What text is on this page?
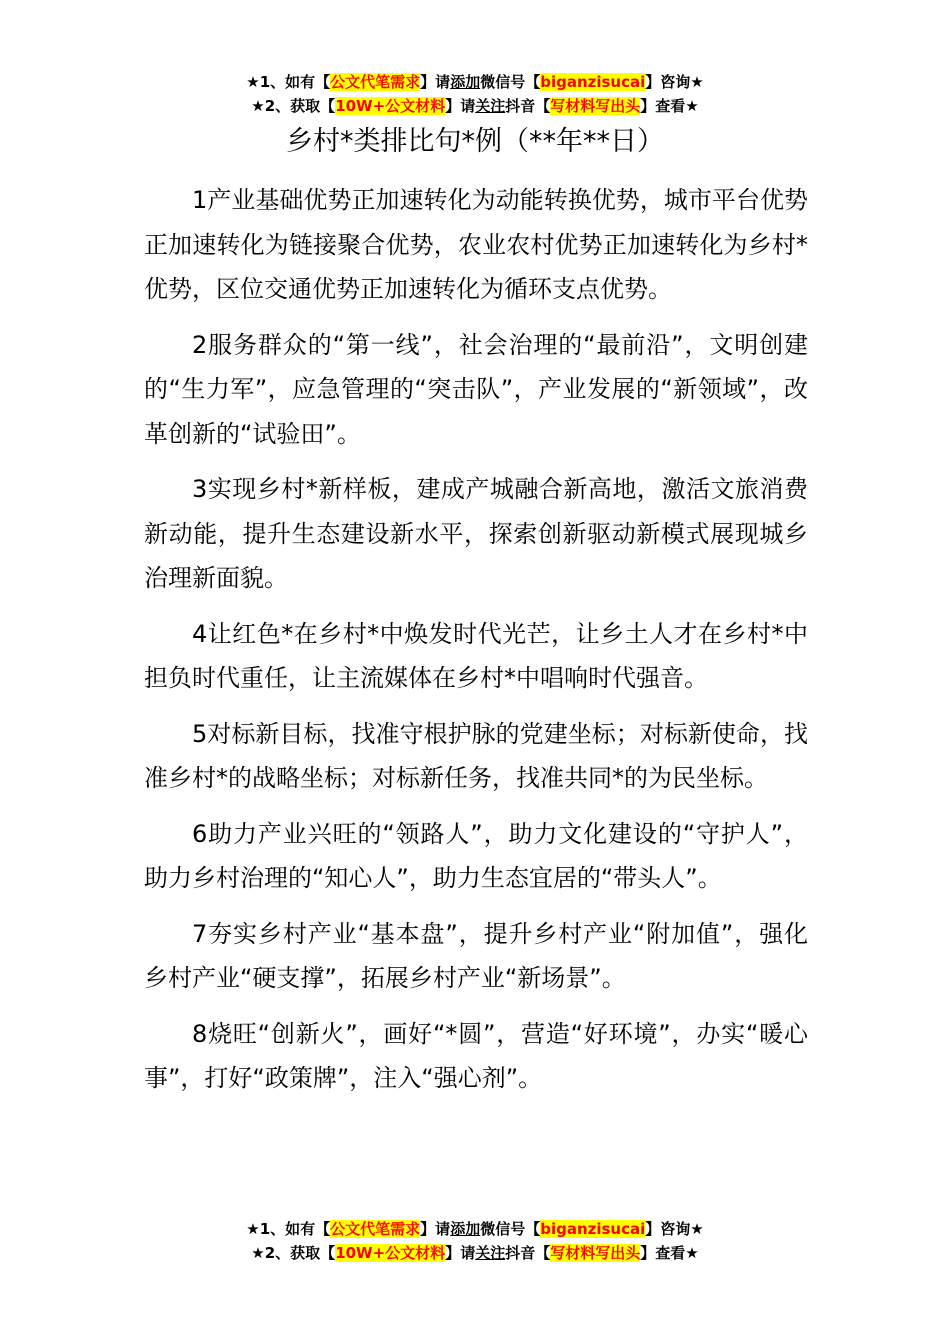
★1、如有【公文代笔需求】请添加微信号【biganzisucai】咨询★
★2、获取【10W+公文材料】请关注抖音【写材料写出头】查看★
乡村*类排比句*例（**年**日）

1产业基础优势正加速转化为动能转换优势，城市平台优势正加速转化为链接聚合优势，农业农村优势正加速转化为乡村*优势，区位交通优势正加速转化为循环支点优势。

2服务群众的“第一线”，社会治理的“最前沿”，文明创建的“生力军”，应急管理的“突击队”，产业发展的“新领域”，改革创新的“试验田”。

3实现乡村*新样板，建成产城融合新高地，激活文旅消费新动能，提升生态建设新水平，探索创新驱动新模式展现城乡治理新面貌。

4让红色*在乡村*中焕发时代光芒，让乡土人才在乡村*中担负时代重任，让主流媒体在乡村*中唱响时代强音。

5对标新目标，找准守根护脉的党建坐标；对标新使命，找准乡村*的战略坐标；对标新任务，找准共同*的为民坐标。

6助力产业兴旺的“领路人”，助力文化建设的“守护人”，助力乡村治理的“知心人”，助力生态宜居的“带头人”。

7夯实乡村产业“基本盘”，提升乡村产业“附加值”，强化乡村产业“硬支撑”，拓展乡村产业“新场景”。

8烧旺“创新火”，画好“*圆”，营造“好环境”，办实“暖心事”，打好“政策牌”，注入“强心剂”。

★1、如有【公文代笔需求】请添加微信号【biganzisucai】咨询★
★2、获取【10W+公文材料】请关注抖音【写材料写出头】查看★
